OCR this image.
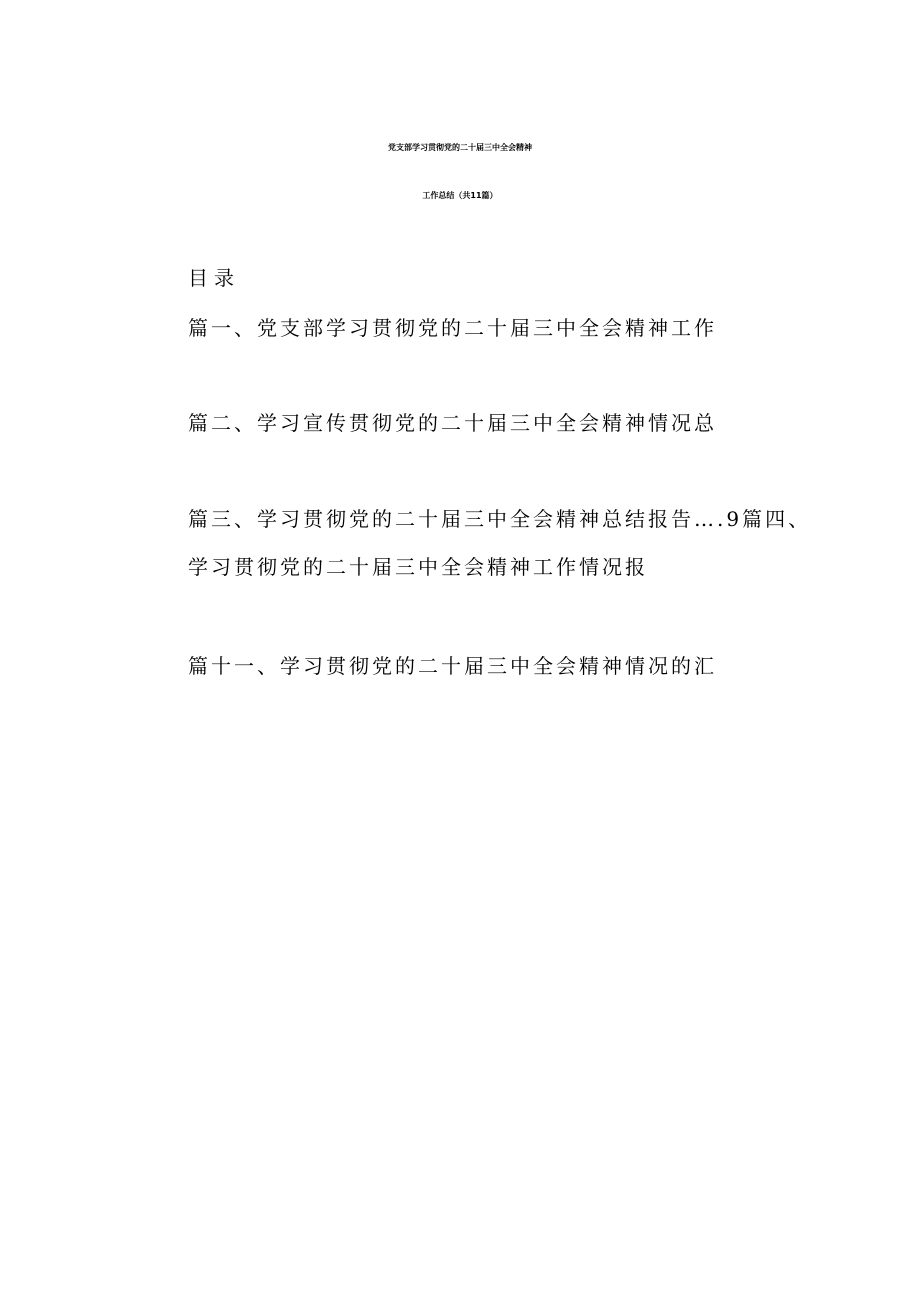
党支部学习贯彻党的二十届三中全会精神
工作总结（共11篇）
目录
篇一、党支部学习贯彻党的二十届三中全会精神工作
篇二、学习宣传贯彻党的二十届三中全会精神情况总
篇三、学习贯彻党的二十届三中全会精神总结报告….9篇四、
学习贯彻党的二十届三中全会精神工作情况报
篇十一、学习贯彻党的二十届三中全会精神情况的汇
